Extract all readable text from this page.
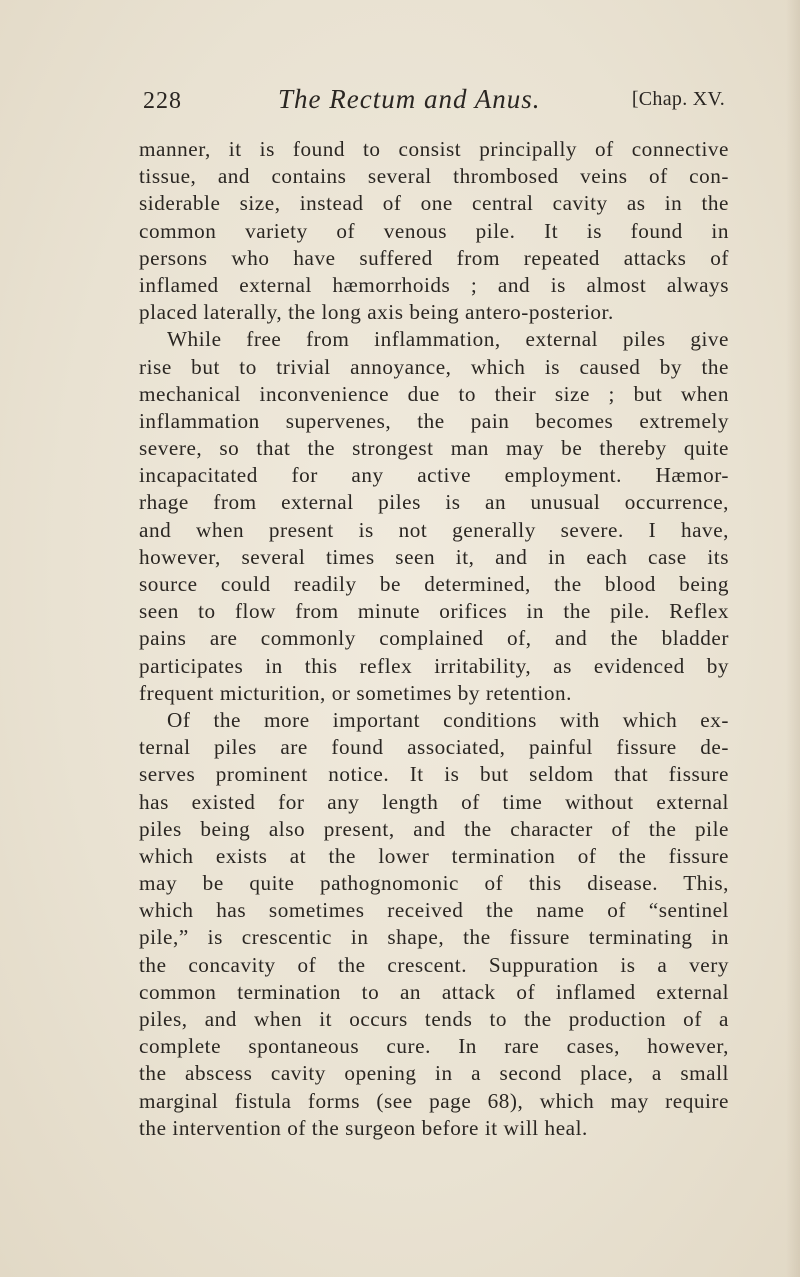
228	The Rectum and Anus.	[Chap. XV.
manner, it is found to consist principally of connective
tissue, and contains several thrombosed veins of con-
siderable size, instead of one central cavity as in the
common variety of venous pile. It is found in
persons who have suffered from repeated attacks of
inflamed external hæmorrhoids ; and is almost always
placed laterally, the long axis being antero-posterior.
While free from inflammation, external piles give
rise but to trivial annoyance, which is caused by the
mechanical inconvenience due to their size ; but when
inflammation supervenes, the pain becomes extremely
severe, so that the strongest man may be thereby quite
incapacitated for any active employment. Hæmor-
rhage from external piles is an unusual occurrence,
and when present is not generally severe. I have,
however, several times seen it, and in each case its
source could readily be determined, the blood being
seen to flow from minute orifices in the pile. Reflex
pains are commonly complained of, and the bladder
participates in this reflex irritability, as evidenced by
frequent micturition, or sometimes by retention.
Of the more important conditions with which ex-
ternal piles are found associated, painful fissure de-
serves prominent notice. It is but seldom that fissure
has existed for any length of time without external
piles being also present, and the character of the pile
which exists at the lower termination of the fissure
may be quite pathognomonic of this disease. This,
which has sometimes received the name of “sentinel
pile,” is crescentic in shape, the fissure terminating in
the concavity of the crescent. Suppuration is a very
common termination to an attack of inflamed external
piles, and when it occurs tends to the production of a
complete spontaneous cure. In rare cases, however,
the abscess cavity opening in a second place, a small
marginal fistula forms (see page 68), which may require
the intervention of the surgeon before it will heal.
